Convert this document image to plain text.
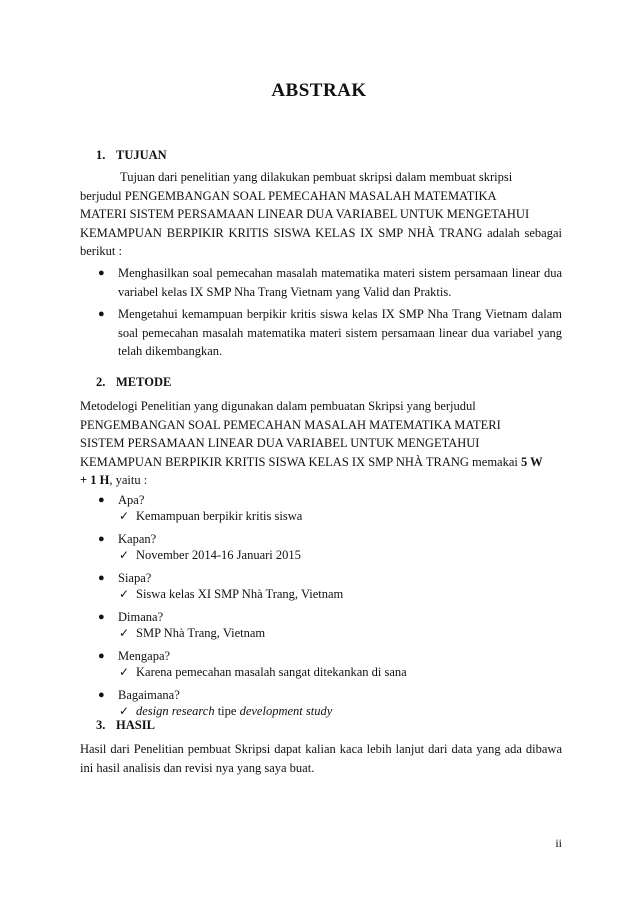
ABSTRAK
1. TUJUAN
Tujuan dari penelitian yang dilakukan pembuat skripsi dalam membuat skripsi
berjudul PENGEMBANGAN SOAL PEMECAHAN MASALAH MATEMATIKA
MATERI SISTEM PERSAMAAN LINEAR DUA VARIABEL UNTUK MENGETAHUI
KEMAMPUAN BERPIKIR KRITIS SISWA KELAS IX SMP NHÀ TRANG adalah sebagai
berikut :
● Menghasilkan soal pemecahan masalah matematika materi sistem persamaan linear dua
variabel kelas IX SMP Nha Trang Vietnam yang Valid dan Praktis.
● Mengetahui kemampuan berpikir kritis siswa kelas IX SMP Nha Trang Vietnam dalam
soal pemecahan masalah matematika materi sistem persamaan linear dua variabel yang
telah dikembangkan.
2. METODE
Metodelogi Penelitian yang digunakan dalam pembuatan Skripsi yang berjudul
PENGEMBANGAN SOAL PEMECAHAN MASALAH MATEMATIKA MATERI
SISTEM PERSAMAAN LINEAR DUA VARIABEL UNTUK MENGETAHUI
KEMAMPUAN BERPIKIR KRITIS SISWA KELAS IX SMP NHÀ TRANG memakai 5 W
+ 1 H, yaitu :
● Apa?
✓ Kemampuan berpikir kritis siswa
● Kapan?
✓ November 2014-16 Januari 2015
● Siapa?
✓ Siswa kelas XI SMP Nhà Trang, Vietnam
● Dimana?
✓ SMP Nhà Trang, Vietnam
● Mengapa?
✓ Karena pemecahan masalah sangat ditekankan di sana
● Bagaimana?
✓ design research tipe development study
3. HASIL
Hasil dari Penelitian pembuat Skripsi dapat kalian kaca lebih lanjut dari data yang ada dibawa
ini hasil analisis dan revisi nya yang saya buat.
ii
